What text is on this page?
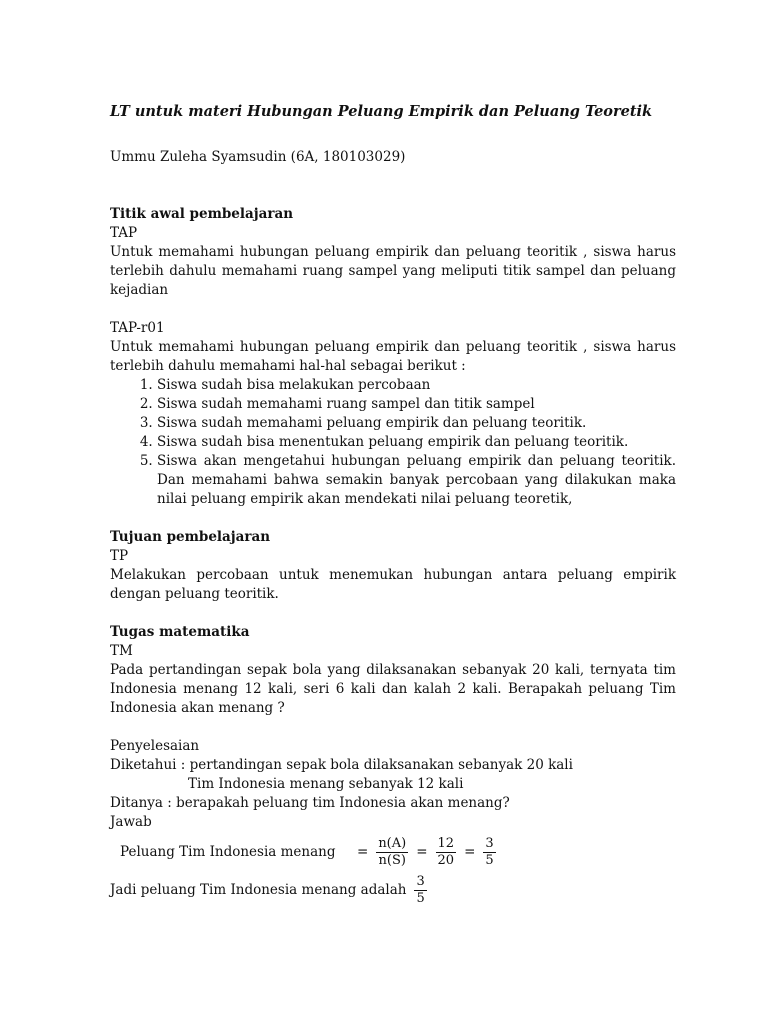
LT untuk materi Hubungan Peluang Empirik dan Peluang Teoretik
Ummu Zuleha Syamsudin (6A, 180103029)
Titik awal pembelajaran
TAP
Untuk memahami hubungan peluang empirik dan peluang teoritik , siswa harus terlebih dahulu memahami ruang sampel yang meliputi titik sampel dan peluang kejadian
TAP-r01
Untuk memahami hubungan peluang empirik dan peluang teoritik , siswa harus terlebih dahulu memahami hal-hal sebagai berikut :
1. Siswa sudah bisa melakukan percobaan
2. Siswa sudah memahami ruang sampel dan titik sampel
3. Siswa sudah memahami peluang empirik dan peluang teoritik.
4. Siswa sudah bisa menentukan peluang empirik dan peluang teoritik.
5. Siswa akan mengetahui hubungan peluang empirik dan peluang teoritik. Dan memahami bahwa semakin banyak percobaan yang dilakukan maka nilai peluang empirik akan mendekati nilai peluang teoretik,
Tujuan pembelajaran
TP
Melakukan percobaan untuk menemukan hubungan antara peluang empirik dengan peluang teoritik.
Tugas matematika
TM
Pada pertandingan sepak bola yang dilaksanakan sebanyak 20 kali, ternyata tim Indonesia menang 12 kali, seri 6 kali dan kalah 2 kali. Berapakah peluang Tim Indonesia akan menang ?
Penyelesaian
Diketahui : pertandingan sepak bola dilaksanakan sebanyak 20 kali
Tim Indonesia menang sebanyak 12 kali
Ditanya : berapakah peluang tim Indonesia akan menang?
Jawab
Peluang Tim Indonesia menang	= $\frac{n(A)}{n(S)} = \frac{12}{20} = \frac{3}{5}$
Jadi peluang Tim Indonesia menang adalah $\frac{3}{5}$
